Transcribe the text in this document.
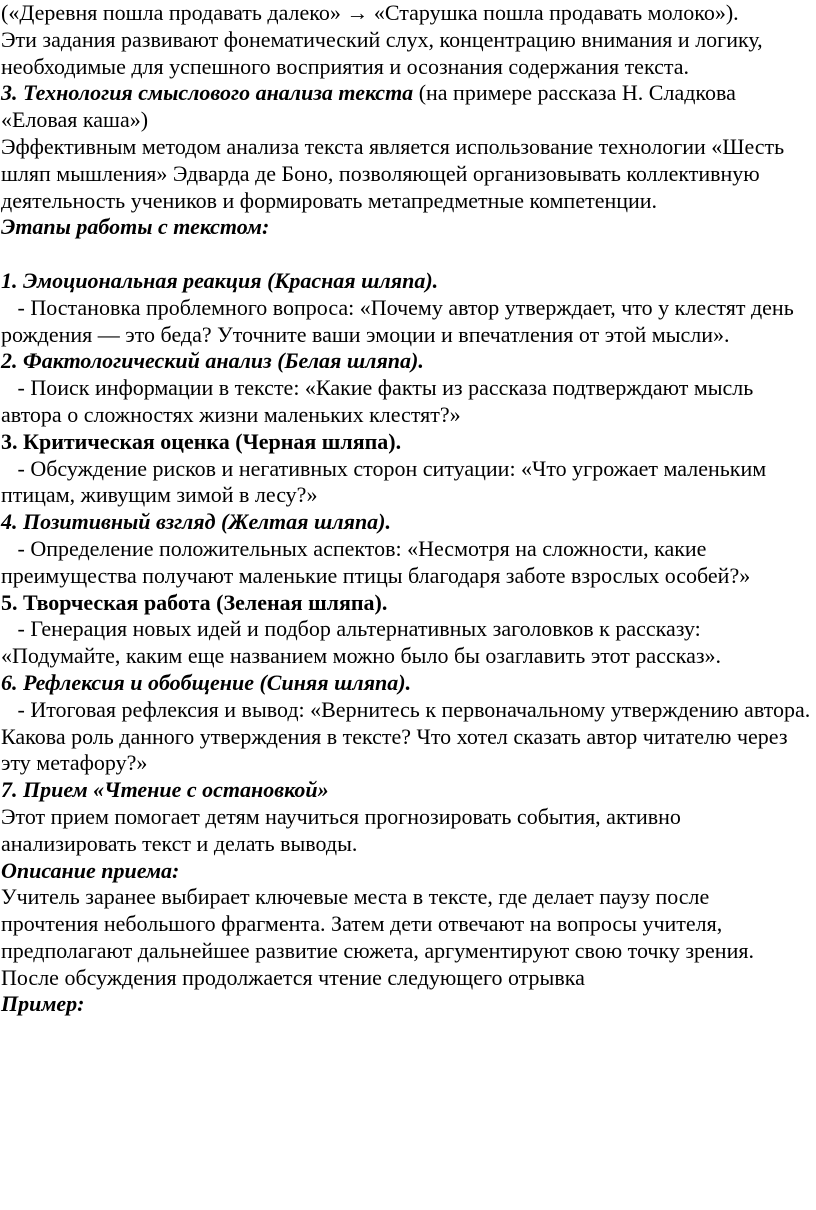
(«Деревня пошла продавать далеко» → «Старушка пошла продавать молоко»).

Эти задания развивают фонематический слух, концентрацию внимания и логику, необходимые для успешного восприятия и осознания содержания текста.

3. Технология смыслового анализа текста (на примере рассказа Н. Сладкова «Еловая каша»)

Эффективным методом анализа текста является использование технологии «Шесть шляп мышления» Эдварда де Боно, позволяющей организовывать коллективную деятельность учеников и формировать метапредметные компетенции.

Этапы работы с текстом:

1. Эмоциональная реакция (Красная шляпа).

- Постановка проблемного вопроса: «Почему автор утверждает, что у клестят день рождения — это беда? Уточните ваши эмоции и впечатления от этой мысли».

2. Фактологический анализ (Белая шляпа).

- Поиск информации в тексте: «Какие факты из рассказа подтверждают мысль автора о сложностях жизни маленьких клестят?»

3. Критическая оценка (Черная шляпа).

- Обсуждение рисков и негативных сторон ситуации: «Что угрожает маленьким птицам, живущим зимой в лесу?»

4. Позитивный взгляд (Желтая шляпа).

- Определение положительных аспектов: «Несмотря на сложности, какие преимущества получают маленькие птицы благодаря заботе взрослых особей?»

5. Творческая работа (Зеленая шляпа).

- Генерация новых идей и подбор альтернативных заголовков к рассказу: «Подумайте, каким еще названием можно было бы озаглавить этот рассказ».

6. Рефлексия и обобщение (Синяя шляпа).

- Итоговая рефлексия и вывод: «Вернитесь к первоначальному утверждению автора. Какова роль данного утверждения в тексте? Что хотел сказать автор читателю через эту метафору?»

7. Прием «Чтение с остановкой»

Этот прием помогает детям научиться прогнозировать события, активно анализировать текст и делать выводы.

Описание приема:

Учитель заранее выбирает ключевые места в тексте, где делает паузу после прочтения небольшого фрагмента. Затем дети отвечают на вопросы учителя, предполагают дальнейшее развитие сюжета, аргументируют свою точку зрения. После обсуждения продолжается чтение следующего отрывка

Пример:
